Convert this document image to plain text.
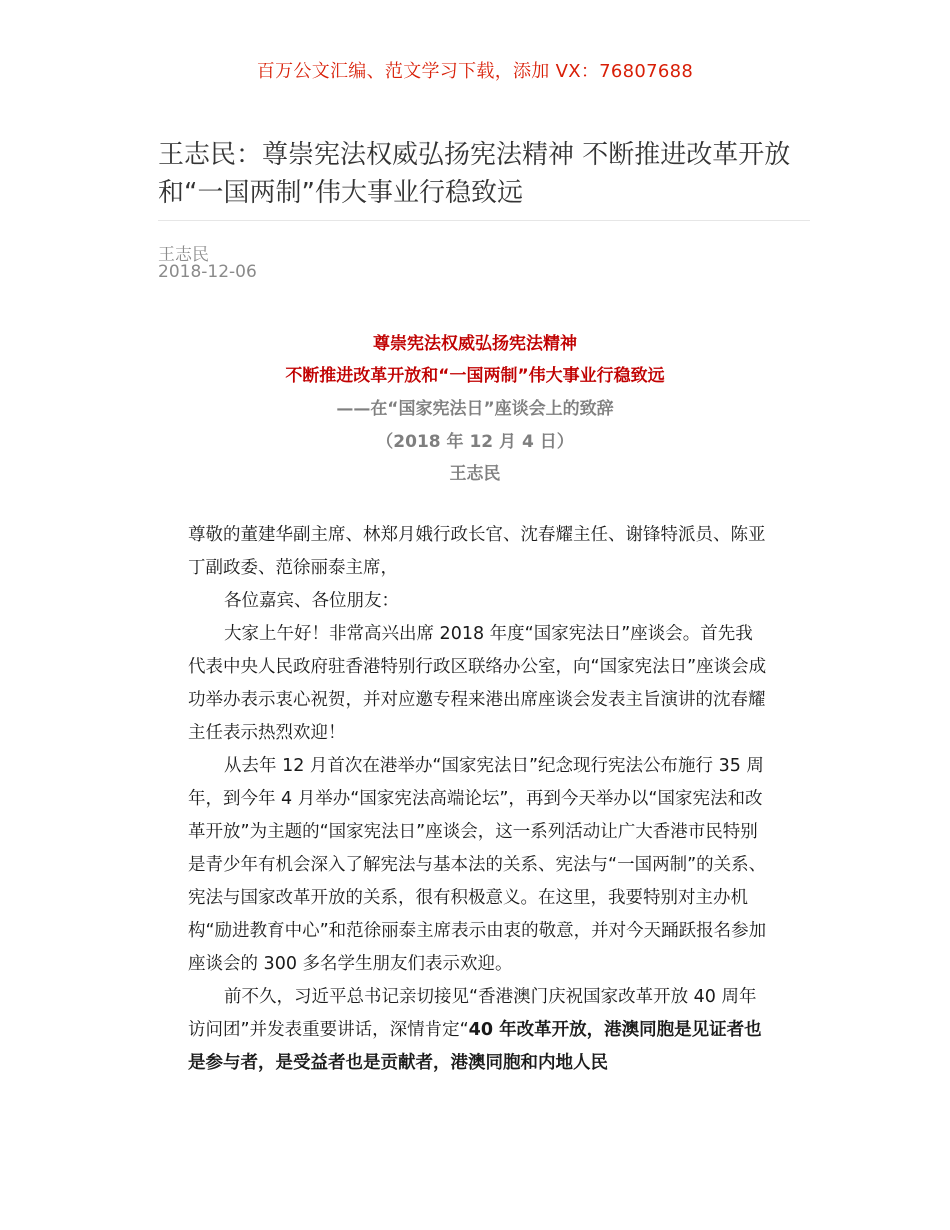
百万公文汇编、范文学习下载，添加 VX：76807688
王志民：尊崇宪法权威弘扬宪法精神 不断推进改革开放和“一国两制”伟大事业行稳致远
王志民
2018-12-06
尊崇宪法权威弘扬宪法精神
不断推进改革开放和“一国两制”伟大事业行稳致远
——在“国家宪法日”座谈会上的致辞
（2018 年 12 月 4 日）
王志民

尊敬的董建华副主席、林郑月娥行政长官、沈春耀主任、谢锋特派员、陈亚丁副政委、范徐丽泰主席，

各位嘉宾、各位朋友：

大家上午好！非常高兴出席 2018 年度“国家宪法日”座谈会。首先我代表中央人民政府驻香港特别行政区联络办公室，向“国家宪法日”座谈会成功举办表示衷心祝贺，并对应邀专程来港出席座谈会发表主旨演讲的沈春耀主任表示热烈欢迎！

从去年 12 月首次在港举办“国家宪法日”纪念现行宪法公布施行 35 周年，到今年 4 月举办“国家宪法高端论坛”，再到今天举办以“国家宪法和改革开放”为主题的“国家宪法日”座谈会，这一系列活动让广大香港市民特别是青少年有机会深入了解宪法与基本法的关系、宪法与“一国两制”的关系、宪法与国家改革开放的关系，很有积极意义。在这里，我要特别对主办机构“励进教育中心”和范徐丽泰主席表示由衷的敬意，并对今天踊跃报名参加座谈会的 300 多名学生朋友们表示欢迎。

前不久，习近平总书记亲切接见“香港澳门庆祝国家改革开放 40 周年访问团”并发表重要讲话，深情肯定“40 年改革开放，港澳同胞是见证者也是参与者，是受益者也是贡献者，港澳同胞和内地人民
